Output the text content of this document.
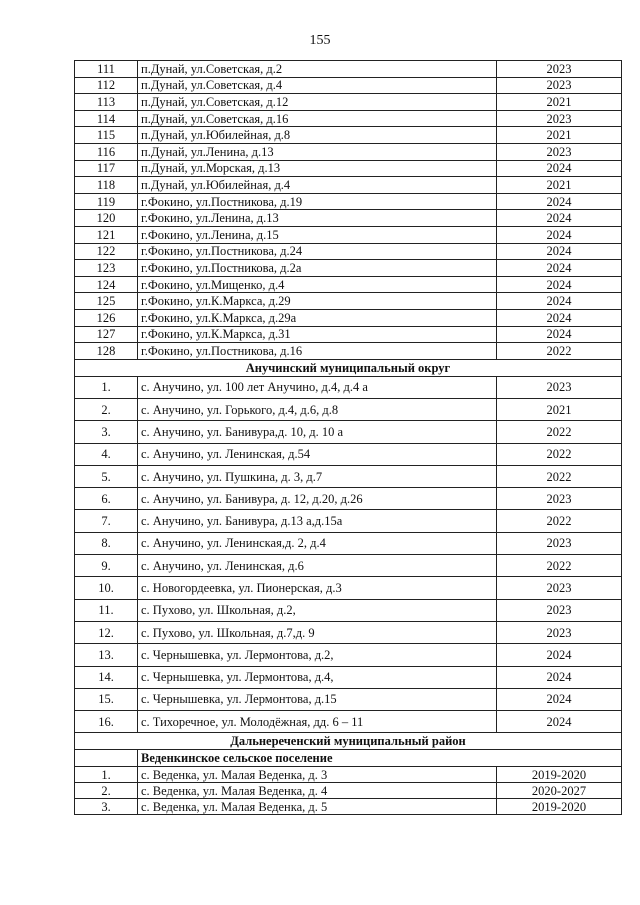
155
111	п.Дунай, ул.Советская, д.2	2023
112	п.Дунай, ул.Советская, д.4	2023
113	п.Дунай, ул.Советская, д.12	2021
114	п.Дунай, ул.Советская, д.16	2023
115	п.Дунай, ул.Юбилейная, д.8	2021
116	п.Дунай, ул.Ленина, д.13	2023
117	п.Дунай, ул.Морская, д.13	2024
118	п.Дунай, ул.Юбилейная, д.4	2021
119	г.Фокино, ул.Постникова, д.19	2024
120	г.Фокино, ул.Ленина, д.13	2024
121	г.Фокино, ул.Ленина, д.15	2024
122	г.Фокино, ул.Постникова, д.24	2024
123	г.Фокино, ул.Постникова, д.2а	2024
124	г.Фокино, ул.Мищенко, д.4	2024
125	г.Фокино, ул.К.Маркса, д.29	2024
126	г.Фокино, ул.К.Маркса, д.29а	2024
127	г.Фокино, ул.К.Маркса, д.31	2024
128	г.Фокино, ул.Постникова, д.16	2022
Анучинский муниципальный округ		
1.	с. Анучино, ул. 100 лет Анучино, д.4, д.4 а	2023
2.	с. Анучино, ул. Горького, д.4, д.6, д.8	2021
3.	с. Анучино, ул. Банивура,д. 10, д. 10 а	2022
4.	с. Анучино, ул. Ленинская, д.54	2022
5.	с. Анучино, ул. Пушкина, д. 3, д.7	2022
6.	с. Анучино, ул. Банивура, д. 12, д.20, д.26	2023
7.	с. Анучино, ул. Банивура, д.13 а,д.15а	2022
8.	с. Анучино, ул. Ленинская,д. 2, д.4	2023
9.	с. Анучино, ул. Ленинская, д.6	2022
10.	с. Новогордеевка, ул. Пионерская, д.3	2023
11.	с. Пухово, ул. Школьная, д.2,	2023
12.	с. Пухово, ул. Школьная, д.7,д. 9	2023
13.	с. Чернышевка, ул. Лермонтова, д.2,	2024
14.	с. Чернышевка, ул. Лермонтова, д.4,	2024
15.	с. Чернышевка, ул. Лермонтова, д.15	2024
16.	с. Тихоречное, ул. Молодёжная, дд. 6 – 11	2024
Дальнереченский муниципальный район		
	Веденкинское сельское поселение	
1.	с. Веденка, ул. Малая Веденка, д. 3	2019-2020
2.	с. Веденка, ул. Малая Веденка, д. 4	2020-2027
3.	с. Веденка, ул. Малая Веденка, д. 5	2019-2020
